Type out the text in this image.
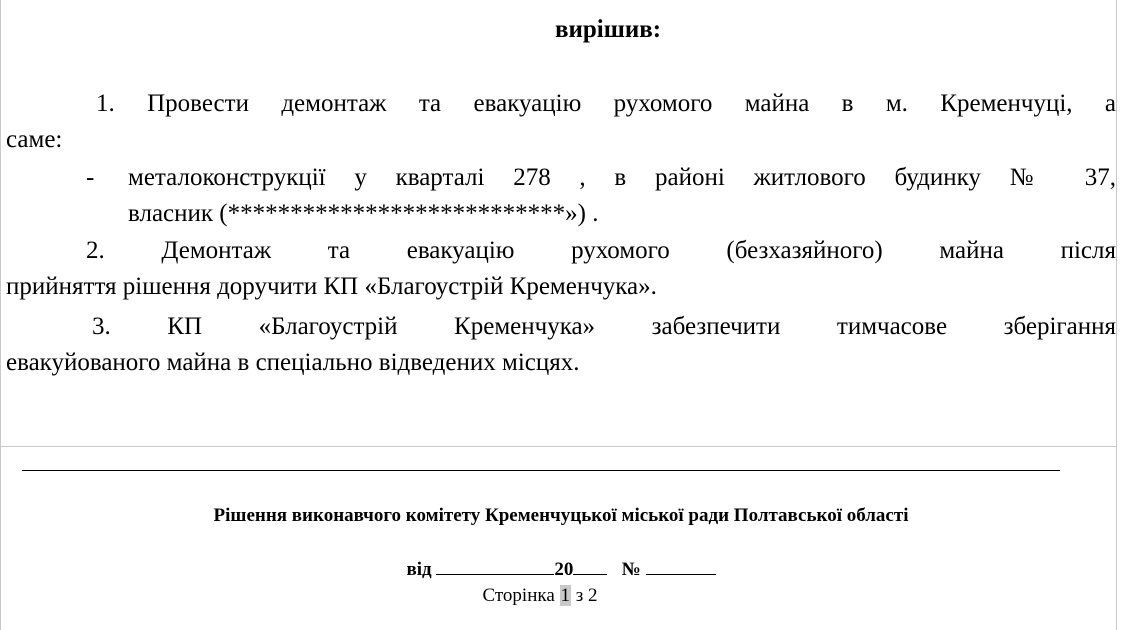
вирішив:

1. Провести демонтаж та евакуацію рухомого майна в м. Кременчуці, а
саме:

- металоконструкції у кварталі 278 , в районі житлового будинку № 37,
власник (***************************») .

2. Демонтаж та евакуацію рухомого (безхазяйного) майна після
прийняття рішення доручити КП «Благоустрій Кременчука».

3. КП «Благоустрій Кременчука» забезпечити тимчасове зберігання
евакуйованого майна в спеціально відведених місцях.

Рішення виконавчого комітету Кременчуцької міської ради Полтавської області

від	20	№

Сторінка 1 з 2
